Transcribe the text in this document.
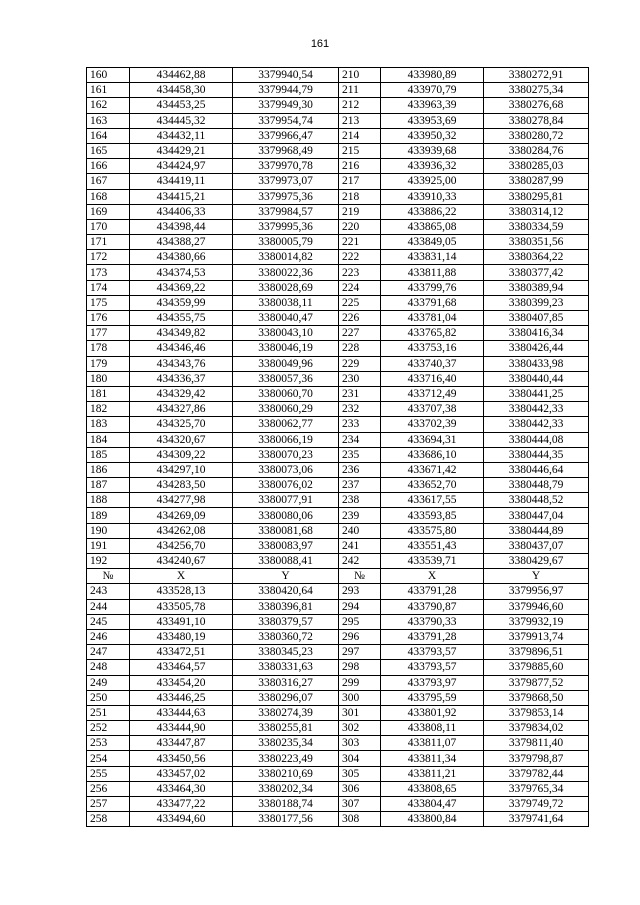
161
160	434462,88	3379940,54	210	433980,89	3380272,91
161	434458,30	3379944,79	211	433970,79	3380275,34
162	434453,25	3379949,30	212	433963,39	3380276,68
163	434445,32	3379954,74	213	433953,69	3380278,84
164	434432,11	3379966,47	214	433950,32	3380280,72
165	434429,21	3379968,49	215	433939,68	3380284,76
166	434424,97	3379970,78	216	433936,32	3380285,03
167	434419,11	3379973,07	217	433925,00	3380287,99
168	434415,21	3379975,36	218	433910,33	3380295,81
169	434406,33	3379984,57	219	433886,22	3380314,12
170	434398,44	3379995,36	220	433865,08	3380334,59
171	434388,27	3380005,79	221	433849,05	3380351,56
172	434380,66	3380014,82	222	433831,14	3380364,22
173	434374,53	3380022,36	223	433811,88	3380377,42
174	434369,22	3380028,69	224	433799,76	3380389,94
175	434359,99	3380038,11	225	433791,68	3380399,23
176	434355,75	3380040,47	226	433781,04	3380407,85
177	434349,82	3380043,10	227	433765,82	3380416,34
178	434346,46	3380046,19	228	433753,16	3380426,44
179	434343,76	3380049,96	229	433740,37	3380433,98
180	434336,37	3380057,36	230	433716,40	3380440,44
181	434329,42	3380060,70	231	433712,49	3380441,25
182	434327,86	3380060,29	232	433707,38	3380442,33
183	434325,70	3380062,77	233	433702,39	3380442,33
184	434320,67	3380066,19	234	433694,31	3380444,08
185	434309,22	3380070,23	235	433686,10	3380444,35
186	434297,10	3380073,06	236	433671,42	3380446,64
187	434283,50	3380076,02	237	433652,70	3380448,79
188	434277,98	3380077,91	238	433617,55	3380448,52
189	434269,09	3380080,06	239	433593,85	3380447,04
190	434262,08	3380081,68	240	433575,80	3380444,89
191	434256,70	3380083,97	241	433551,43	3380437,07
192	434240,67	3380088,41	242	433539,71	3380429,67
№	X	Y	№	X	Y
243	433528,13	3380420,64	293	433791,28	3379956,97
244	433505,78	3380396,81	294	433790,87	3379946,60
245	433491,10	3380379,57	295	433790,33	3379932,19
246	433480,19	3380360,72	296	433791,28	3379913,74
247	433472,51	3380345,23	297	433793,57	3379896,51
248	433464,57	3380331,63	298	433793,57	3379885,60
249	433454,20	3380316,27	299	433793,97	3379877,52
250	433446,25	3380296,07	300	433795,59	3379868,50
251	433444,63	3380274,39	301	433801,92	3379853,14
252	433444,90	3380255,81	302	433808,11	3379834,02
253	433447,87	3380235,34	303	433811,07	3379811,40
254	433450,56	3380223,49	304	433811,34	3379798,87
255	433457,02	3380210,69	305	433811,21	3379782,44
256	433464,30	3380202,34	306	433808,65	3379765,34
257	433477,22	3380188,74	307	433804,47	3379749,72
258	433494,60	3380177,56	308	433800,84	3379741,64
